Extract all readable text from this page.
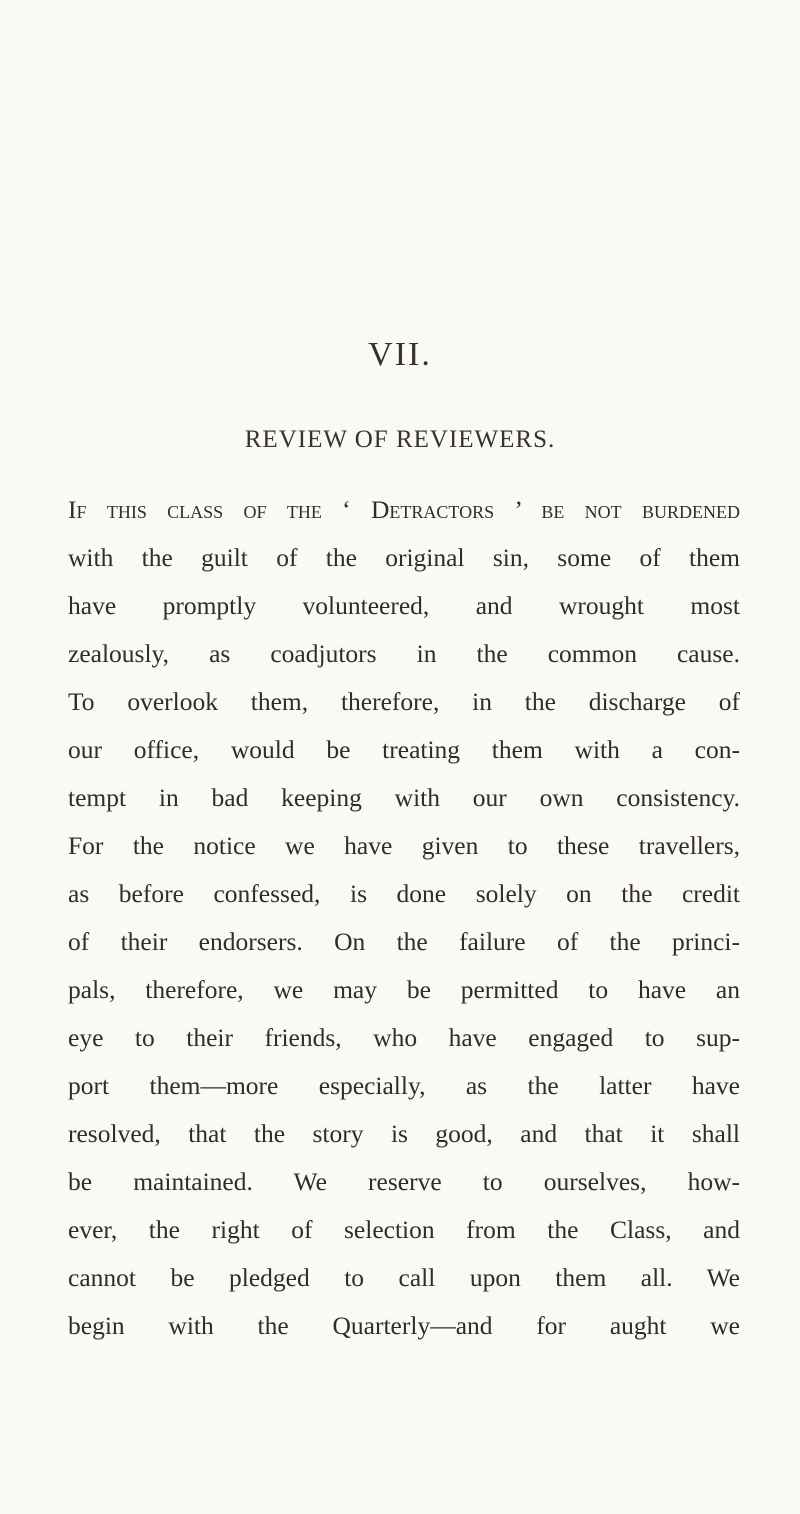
VII.
REVIEW OF REVIEWERS.
If this class of the ‘ Detractors ’ be not burdened
with the guilt of the original sin, some of them
have promptly volunteered, and wrought most
zealously, as coadjutors in the common cause.
To overlook them, therefore, in the discharge of
our office, would be treating them with a con-
tempt in bad keeping with our own consistency.
For the notice we have given to these travellers,
as before confessed, is done solely on the credit
of their endorsers. On the failure of the princi-
pals, therefore, we may be permitted to have an
eye to their friends, who have engaged to sup-
port them—more especially, as the latter have
resolved, that the story is good, and that it shall
be maintained. We reserve to ourselves, how-
ever, the right of selection from the Class, and
cannot be pledged to call upon them all. We
begin with the Quarterly—and for aught we
